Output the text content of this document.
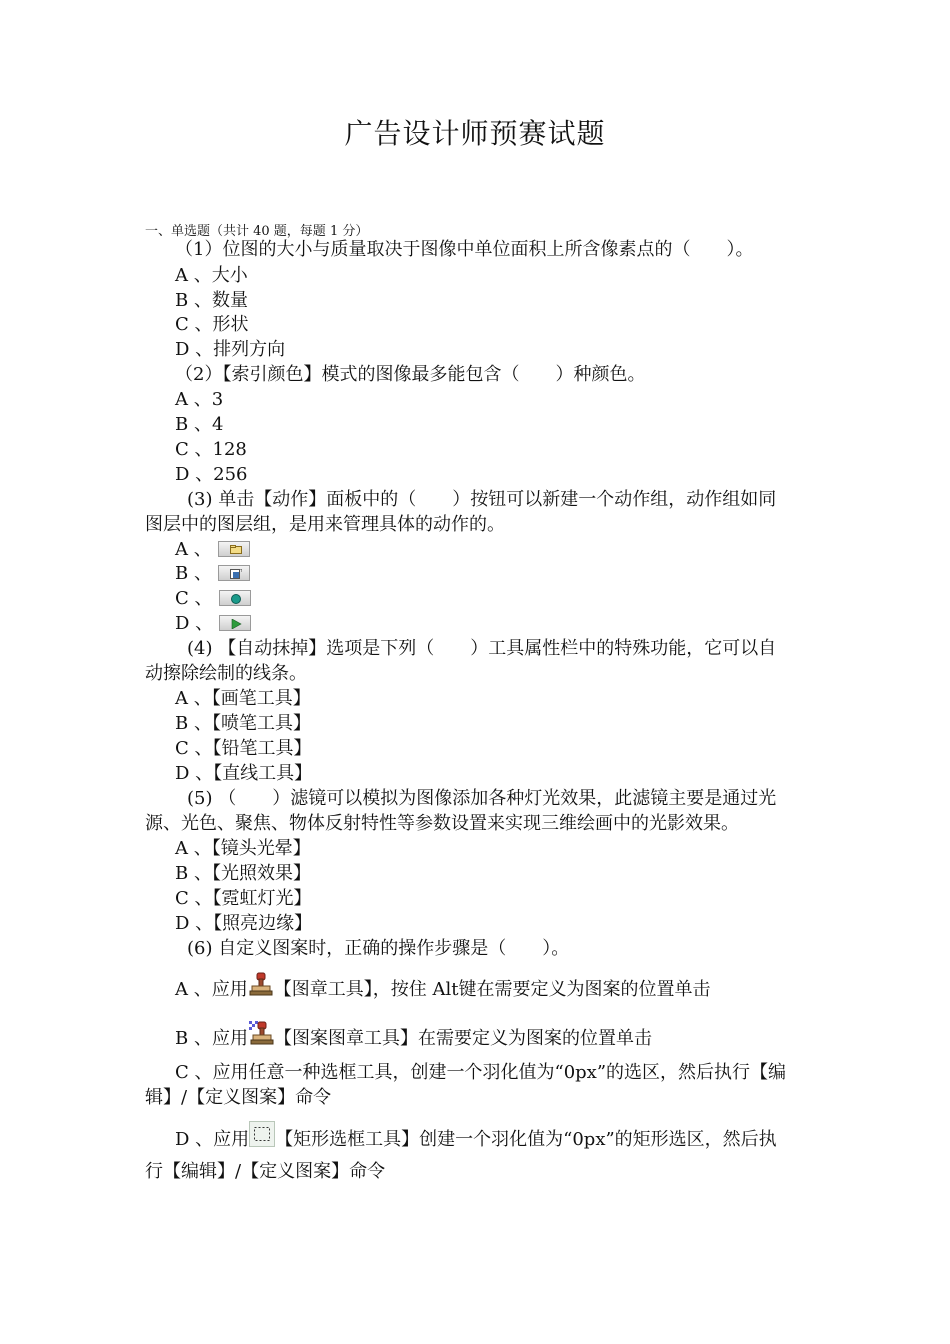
广告设计师预赛试题
一、单选题（共计 40 题，每题 1 分）
（1）位图的大小与质量取决于图像中单位面积上所含像素点的（　　）。
A 、大小
B 、数量
C 、形状
D 、排列方向
（2）【索引颜色】模式的图像最多能包含（　　）种颜色。
A 、3
B 、4
C 、128
D 、256
(3) 单击【动作】面板中的（　　）按钮可以新建一个动作组，动作组如同
图层中的图层组，是用来管理具体的动作的。
A 、
B 、
C 、
D 、
(4) 【自动抹掉】选项是下列（　　）工具属性栏中的特殊功能，它可以自
动擦除绘制的线条。
A 、【画笔工具】
B 、【喷笔工具】
C 、【铅笔工具】
D 、【直线工具】
(5) （　　）滤镜可以模拟为图像添加各种灯光效果，此滤镜主要是通过光
源、光色、聚焦、物体反射特性等参数设置来实现三维绘画中的光影效果。
A 、【镜头光晕】
B 、【光照效果】
C 、【霓虹灯光】
D 、【照亮边缘】
(6) 自定义图案时，正确的操作步骤是（　　）。
A 、应用 【图章工具】，按住 Alt键在需要定义为图案的位置单击
B 、应用 【图案图章工具】在需要定义为图案的位置单击
C 、应用任意一种选框工具，创建一个羽化值为“0px”的选区，然后执行【编
辑】/【定义图案】命令
D 、应用 【矩形选框工具】创建一个羽化值为“0px”的矩形选区，然后执
行【编辑】/【定义图案】命令
